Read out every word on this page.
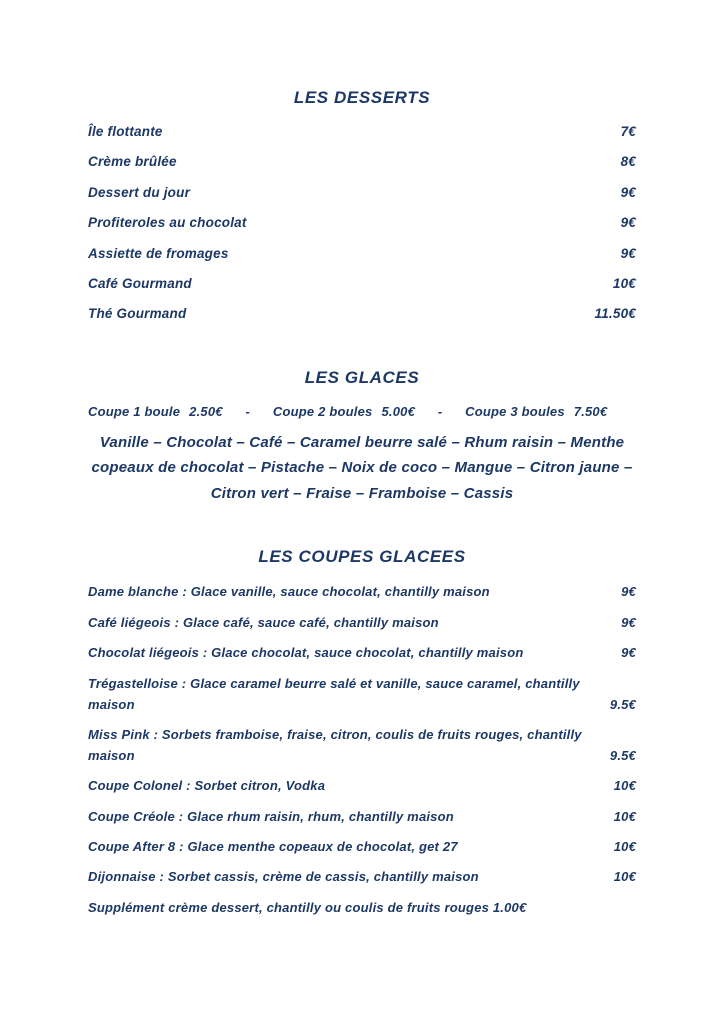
LES DESSERTS
Île flottante	7€
Crème brûlée	8€
Dessert du jour	9€
Profiteroles au chocolat	9€
Assiette de fromages	9€
Café Gourmand	10€
Thé Gourmand	11.50€
LES GLACES
Coupe 1 boule 2.50€ - Coupe 2 boules 5.00€ - Coupe 3 boules 7.50€

Vanille – Chocolat – Café – Caramel beurre salé – Rhum raisin – Menthe copeaux de chocolat – Pistache – Noix de coco – Mangue – Citron jaune – Citron vert – Fraise – Framboise – Cassis

LES COUPES GLACEES
Dame blanche : Glace vanille, sauce chocolat, chantilly maison	9€
Café liégeois : Glace café, sauce café, chantilly maison	9€
Chocolat liégeois : Glace chocolat, sauce chocolat, chantilly maison	9€
Trégastelloise : Glace caramel beurre salé et vanille, sauce caramel, chantilly maison	9.5€
Miss Pink : Sorbets framboise, fraise, citron, coulis de fruits rouges, chantilly maison	9.5€
Coupe Colonel : Sorbet citron, Vodka	10€
Coupe Créole : Glace rhum raisin, rhum, chantilly maison	10€
Coupe After 8 : Glace menthe copeaux de chocolat, get 27	10€
Dijonnaise : Sorbet cassis, crème de cassis, chantilly maison	10€

Supplément crème dessert, chantilly ou coulis de fruits rouges 1.00€
